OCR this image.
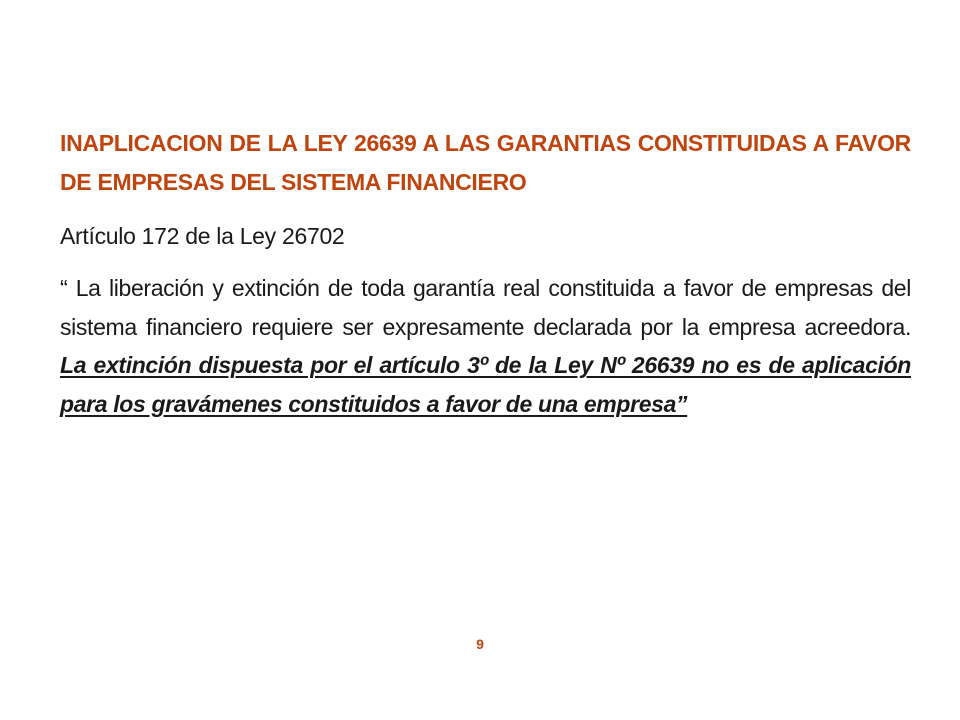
INAPLICACION DE LA LEY 26639 A LAS GARANTIAS CONSTITUIDAS A FAVOR DE EMPRESAS DEL SISTEMA FINANCIERO

Artículo 172 de la Ley 26702

“ La liberación y extinción de toda garantía real constituida a favor de empresas del sistema financiero requiere ser expresamente declarada por la empresa acreedora. La extinción dispuesta por el artículo 3º de la Ley Nº 26639 no es de aplicación para los gravámenes constituidos a favor de una empresa”

9
